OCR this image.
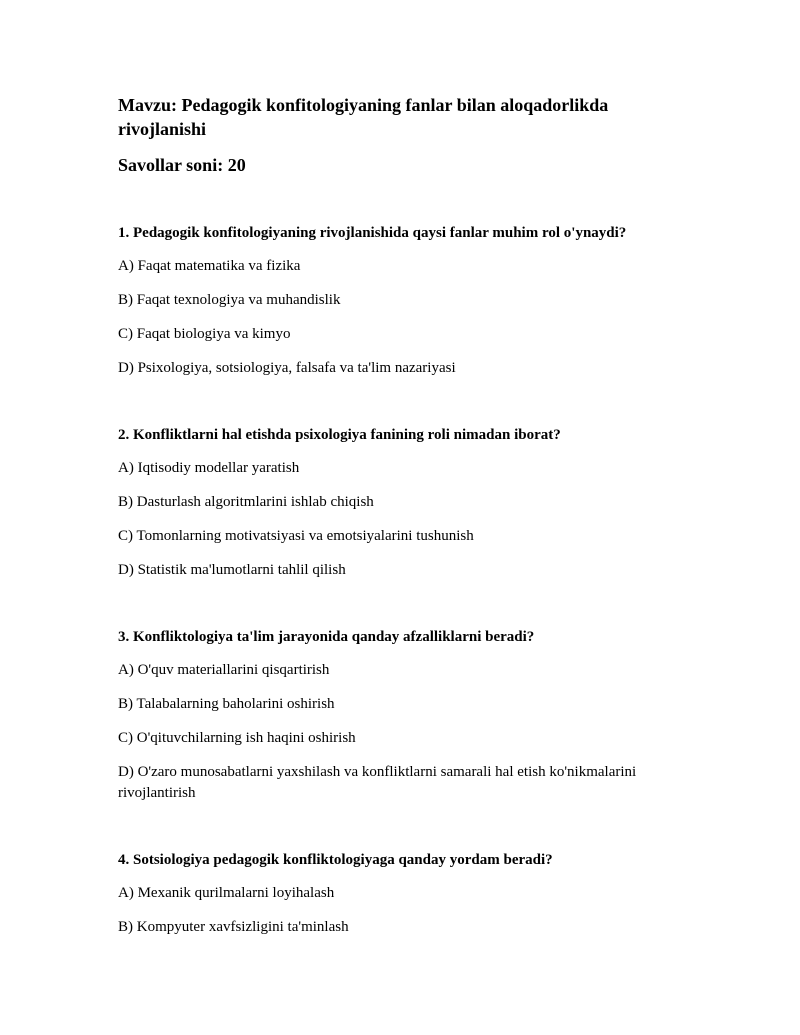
Mavzu: Pedagogik konfitologiyaning fanlar bilan aloqadorlikda rivojlanishi
Savollar soni: 20

1. Pedagogik konfitologiyaning rivojlanishida qaysi fanlar muhim rol o'ynaydi?

A) Faqat matematika va fizika

B) Faqat texnologiya va muhandislik

C) Faqat biologiya va kimyo

D) Psixologiya, sotsiologiya, falsafa va ta'lim nazariyasi

2. Konfliktlarni hal etishda psixologiya fanining roli nimadan iborat?

A) Iqtisodiy modellar yaratish

B) Dasturlash algoritmlarini ishlab chiqish

C) Tomonlarning motivatsiyasi va emotsiyalarini tushunish

D) Statistik ma'lumotlarni tahlil qilish

3. Konfliktologiya ta'lim jarayonida qanday afzalliklarni beradi?

A) O'quv materiallarini qisqartirish

B) Talabalarning baholarini oshirish

C) O'qituvchilarning ish haqini oshirish

D) O'zaro munosabatlarni yaxshilash va konfliktlarni samarali hal etish ko'nikmalarini rivojlantirish

4. Sotsiologiya pedagogik konfliktologiyaga qanday yordam beradi?

A) Mexanik qurilmalarni loyihalash

B) Kompyuter xavfsizligini ta'minlash
